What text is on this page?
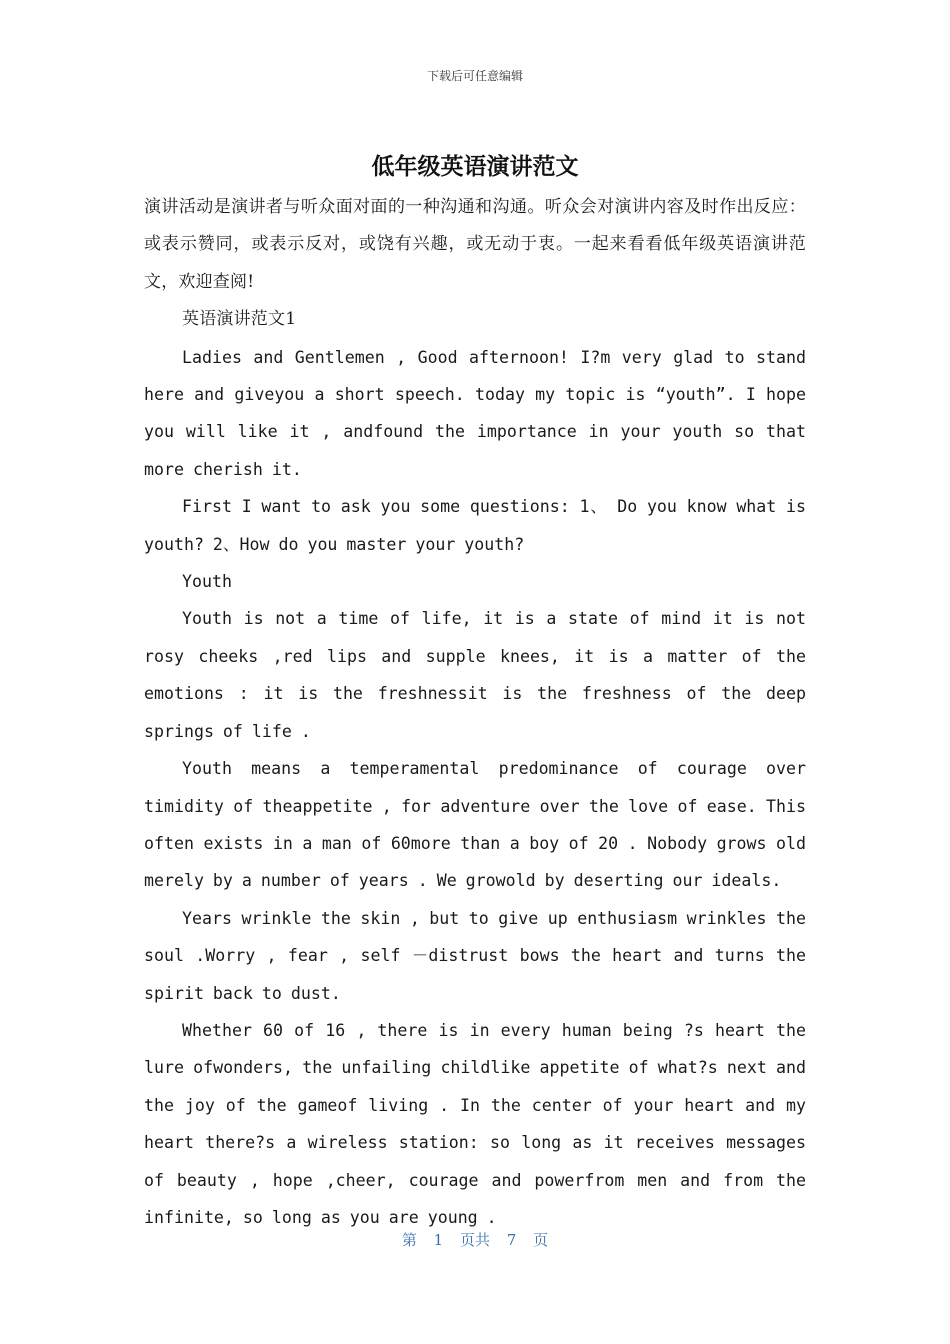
下载后可任意编辑
低年级英语演讲范文

演讲活动是演讲者与听众面对面的一种沟通和沟通。听众会对演讲内容及时作出反应：或表示赞同，或表示反对，或饶有兴趣，或无动于衷。一起来看看低年级英语演讲范文，欢迎查阅!

英语演讲范文1

Ladies and Gentlemen , Good afternoon! I?m very glad to stand here and giveyou a short speech. today my topic is “youth”. I hope you will like it , andfound the importance in your youth so that more cherish it.

First I want to ask you some questions: 1、 Do you know what is youth? 2、How do you master your youth?

Youth

Youth is not a time of life, it is a state of mind it is not rosy cheeks ,red lips and supple knees, it is a matter of the emotions : it is the freshnessit is the freshness of the deep springs of life .

Youth means a temperamental predominance of courage over timidity of theappetite , for adventure over the love of ease. This often exists in a man of 60more than a boy of 20 . Nobody grows old merely by a number of years . We growold by deserting our ideals.

Years wrinkle the skin , but to give up enthusiasm wrinkles the soul .Worry , fear , self －distrust bows the heart and turns the spirit back to dust.

Whether 60 of 16 , there is in every human being ?s heart the lure ofwonders, the unfailing childlike appetite of what?s next and the joy of the gameof living . In the center of your heart and my heart there?s a wireless station: so long as it receives messages of beauty , hope ,cheer, courage and powerfrom men and from the infinite, so long as you are young .

第 1 页共 7 页
